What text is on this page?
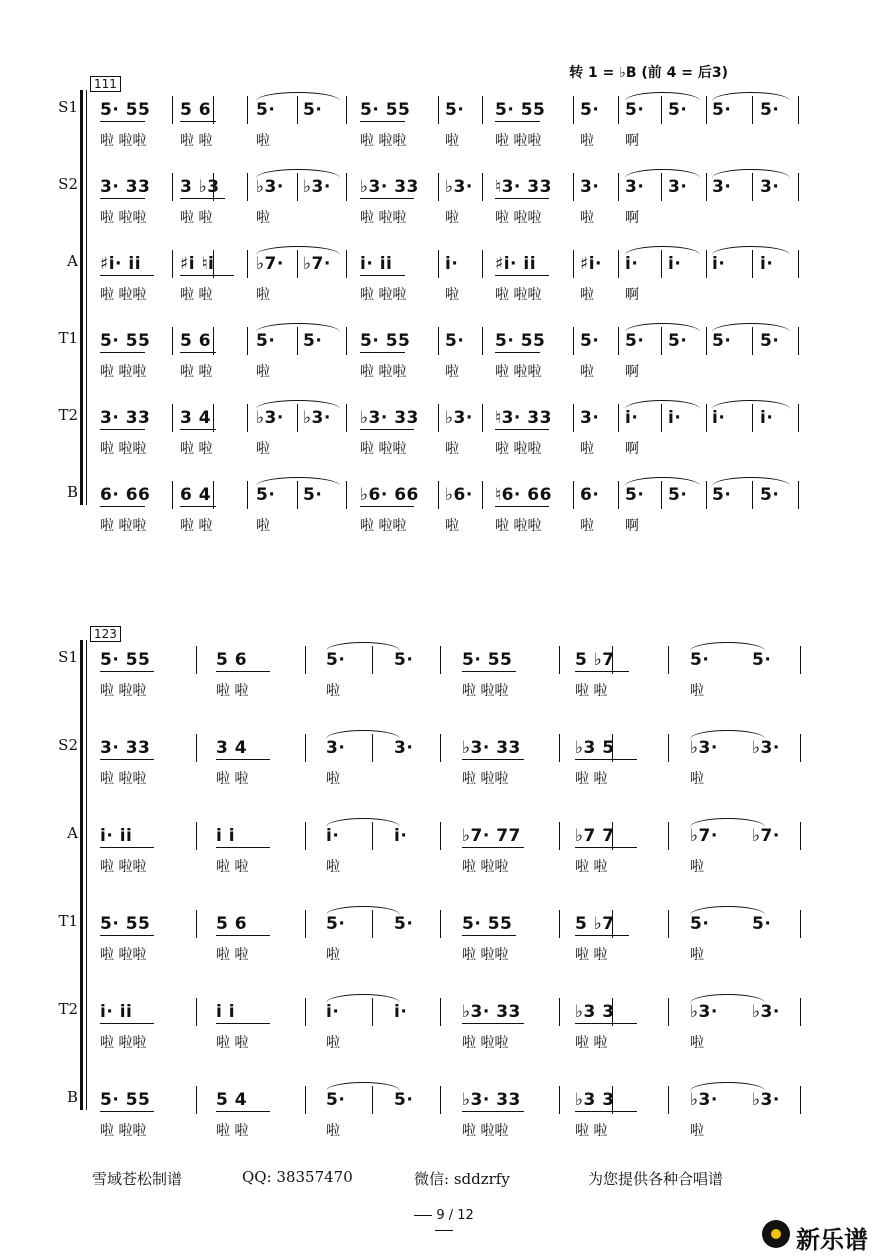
111
转 1 = ♭B (前 4 = 后3)
S1 5· 55
啦 啦啦
5 6
啦 啦
5·
啦
5· 5· 55
啦 啦啦
5·
啦
5· 55
啦 啦啦
5·
啦
5·
啊
5· 5· 5·
S2 3· 33
啦 啦啦
3 ♭3
啦 啦
♭3·
啦
♭3· ♭3· 33
啦 啦啦
♭3·
啦
♮3· 33
啦 啦啦
3·
啦
3·
啊
3· 3· 3·
A ♯i· ii
啦 啦啦
♯i ♮i
啦 啦
♭7·
啦
♭7· i· ii
啦 啦啦
i·
啦
♯i· ii
啦 啦啦
♯i·
啦
i·
啊
i· i· i·
T1 5· 55
啦 啦啦
5 6
啦 啦
5·
啦
5· 5· 55
啦 啦啦
5·
啦
5· 55
啦 啦啦
5·
啦
5·
啊
5· 5· 5·
T2 3· 33
啦 啦啦
3 4
啦 啦
♭3·
啦
♭3· ♭3· 33
啦 啦啦
♭3·
啦
♮3· 33
啦 啦啦
3·
啦
i·
啊
i· i· i·
B 6· 66
啦 啦啦
6 4
啦 啦
5·
啦
5· ♭6· 66
啦 啦啦
♭6·
啦
♮6· 66
啦 啦啦
6·
啦
5·
啊
5· 5· 5·
123
S1 5· 55
啦 啦啦
5 6
啦 啦
5·
啦
5·	5· 55
啦 啦啦
5 ♭7
啦 啦
5·
啦
5·
S2 3· 33
啦 啦啦
3 4
啦 啦
3·
啦
3·	♭3· 33
啦 啦啦
♭3 5
啦 啦
♭3·
啦
♭3·
A i· ii
啦 啦啦
i i
啦 啦
i·
啦
i·	♭7· 77
啦 啦啦
♭7 7
啦 啦
♭7·
啦
♭7·
T1 5· 55
啦 啦啦
5 6
啦 啦
5·
啦
5·	5· 55
啦 啦啦
5 ♭7
啦 啦
5·
啦
5·
T2 i· ii
啦 啦啦
i i
啦 啦
i·
啦
i·	♭3· 33
啦 啦啦
♭3 3
啦 啦
♭3·
啦
♭3·
B 5· 55
啦 啦啦
5 4
啦 啦
5·
啦
5·	♭3· 33
啦 啦啦
♭3 3
啦 啦
♭3·
啦
♭3·
雪域苍松制谱	QQ: 38357470	微信: sddzrfy	为您提供各种合唱谱
9 / 12
新乐谱
